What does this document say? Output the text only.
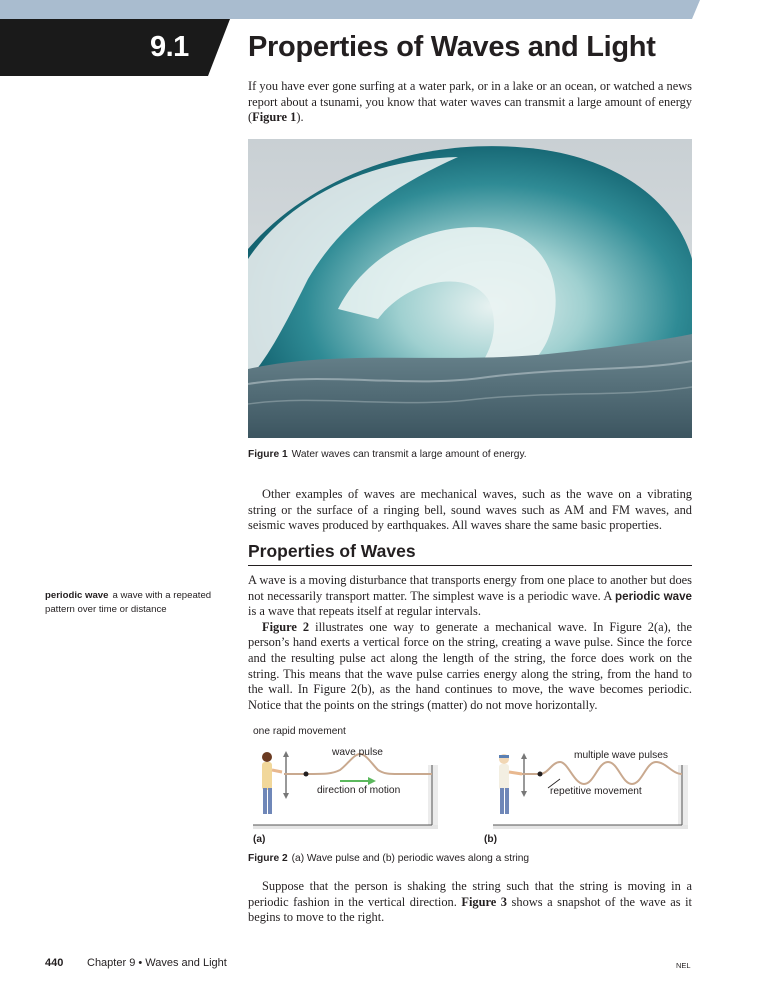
9.1 Properties of Waves and Light

If you have ever gone surfing at a water park, or in a lake or an ocean, or watched a news report about a tsunami, you know that water waves can transmit a large amount of energy (Figure 1).

Figure 1 Water waves can transmit a large amount of energy.

Other examples of waves are mechanical waves, such as the wave on a vibrating string or the surface of a ringing bell, sound waves such as AM and FM waves, and seismic waves produced by earthquakes. All waves share the same basic properties.

Properties of Waves
periodic wave a wave with a repeated pattern over time or distance

A wave is a moving disturbance that transports energy from one place to another but does not necessarily transport matter. The simplest wave is a periodic wave. A periodic wave is a wave that repeats itself at regular intervals.

Figure 2 illustrates one way to generate a mechanical wave. In Figure 2(a), the person’s hand exerts a vertical force on the string, creating a wave pulse. Since the force and the resulting pulse act along the length of the string, the force does work on the string. This means that the wave pulse carries energy along the string, from the hand to the wall. In Figure 2(b), as the hand continues to move, the wave becomes periodic. Notice that the points on the strings (matter) do not move horizontally.

one rapid movement
wave pulse
direction of motion
multiple wave pulses
repetitive movement
(a)	(b)
Figure 2 (a) Wave pulse and (b) periodic waves along a string

Suppose that the person is shaking the string such that the string is moving in a periodic fashion in the vertical direction. Figure 3 shows a snapshot of the wave as it begins to move to the right.

440 Chapter 9 • Waves and Light	NEL
